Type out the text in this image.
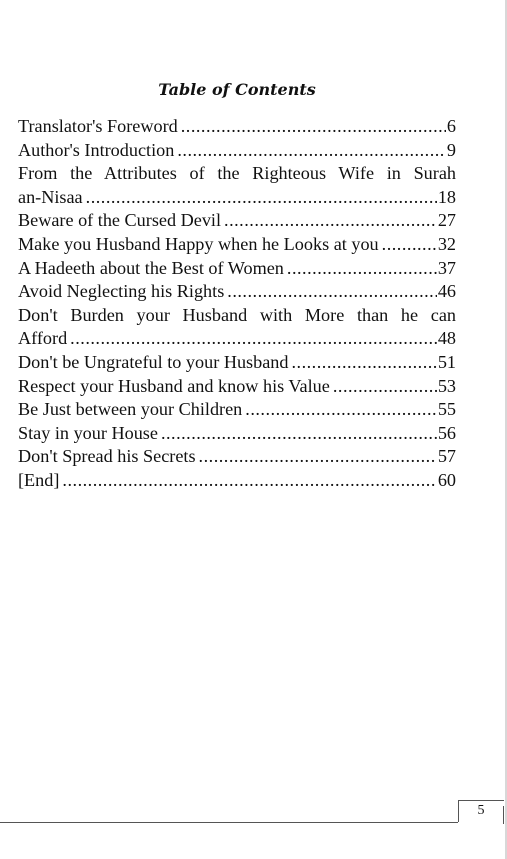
Table of Contents
Translator's Foreword .....	6
Author's Introduction .....	9
From the Attributes of the Righteous Wife in Surah
an-Nisaa .....	18
Beware of the Cursed Devil .....	27
Make you Husband Happy when he Looks at you .....	32
A Hadeeth about the Best of Women .....	37
Avoid Neglecting his Rights .....	46
Don't Burden your Husband with More than he can
Afford .....	48
Don't be Ungrateful to your Husband .....	51
Respect your Husband and know his Value .....	53
Be Just between your Children .....	55
Stay in your House .....	56
Don't Spread his Secrets .....	57
[End] .....	60
5
